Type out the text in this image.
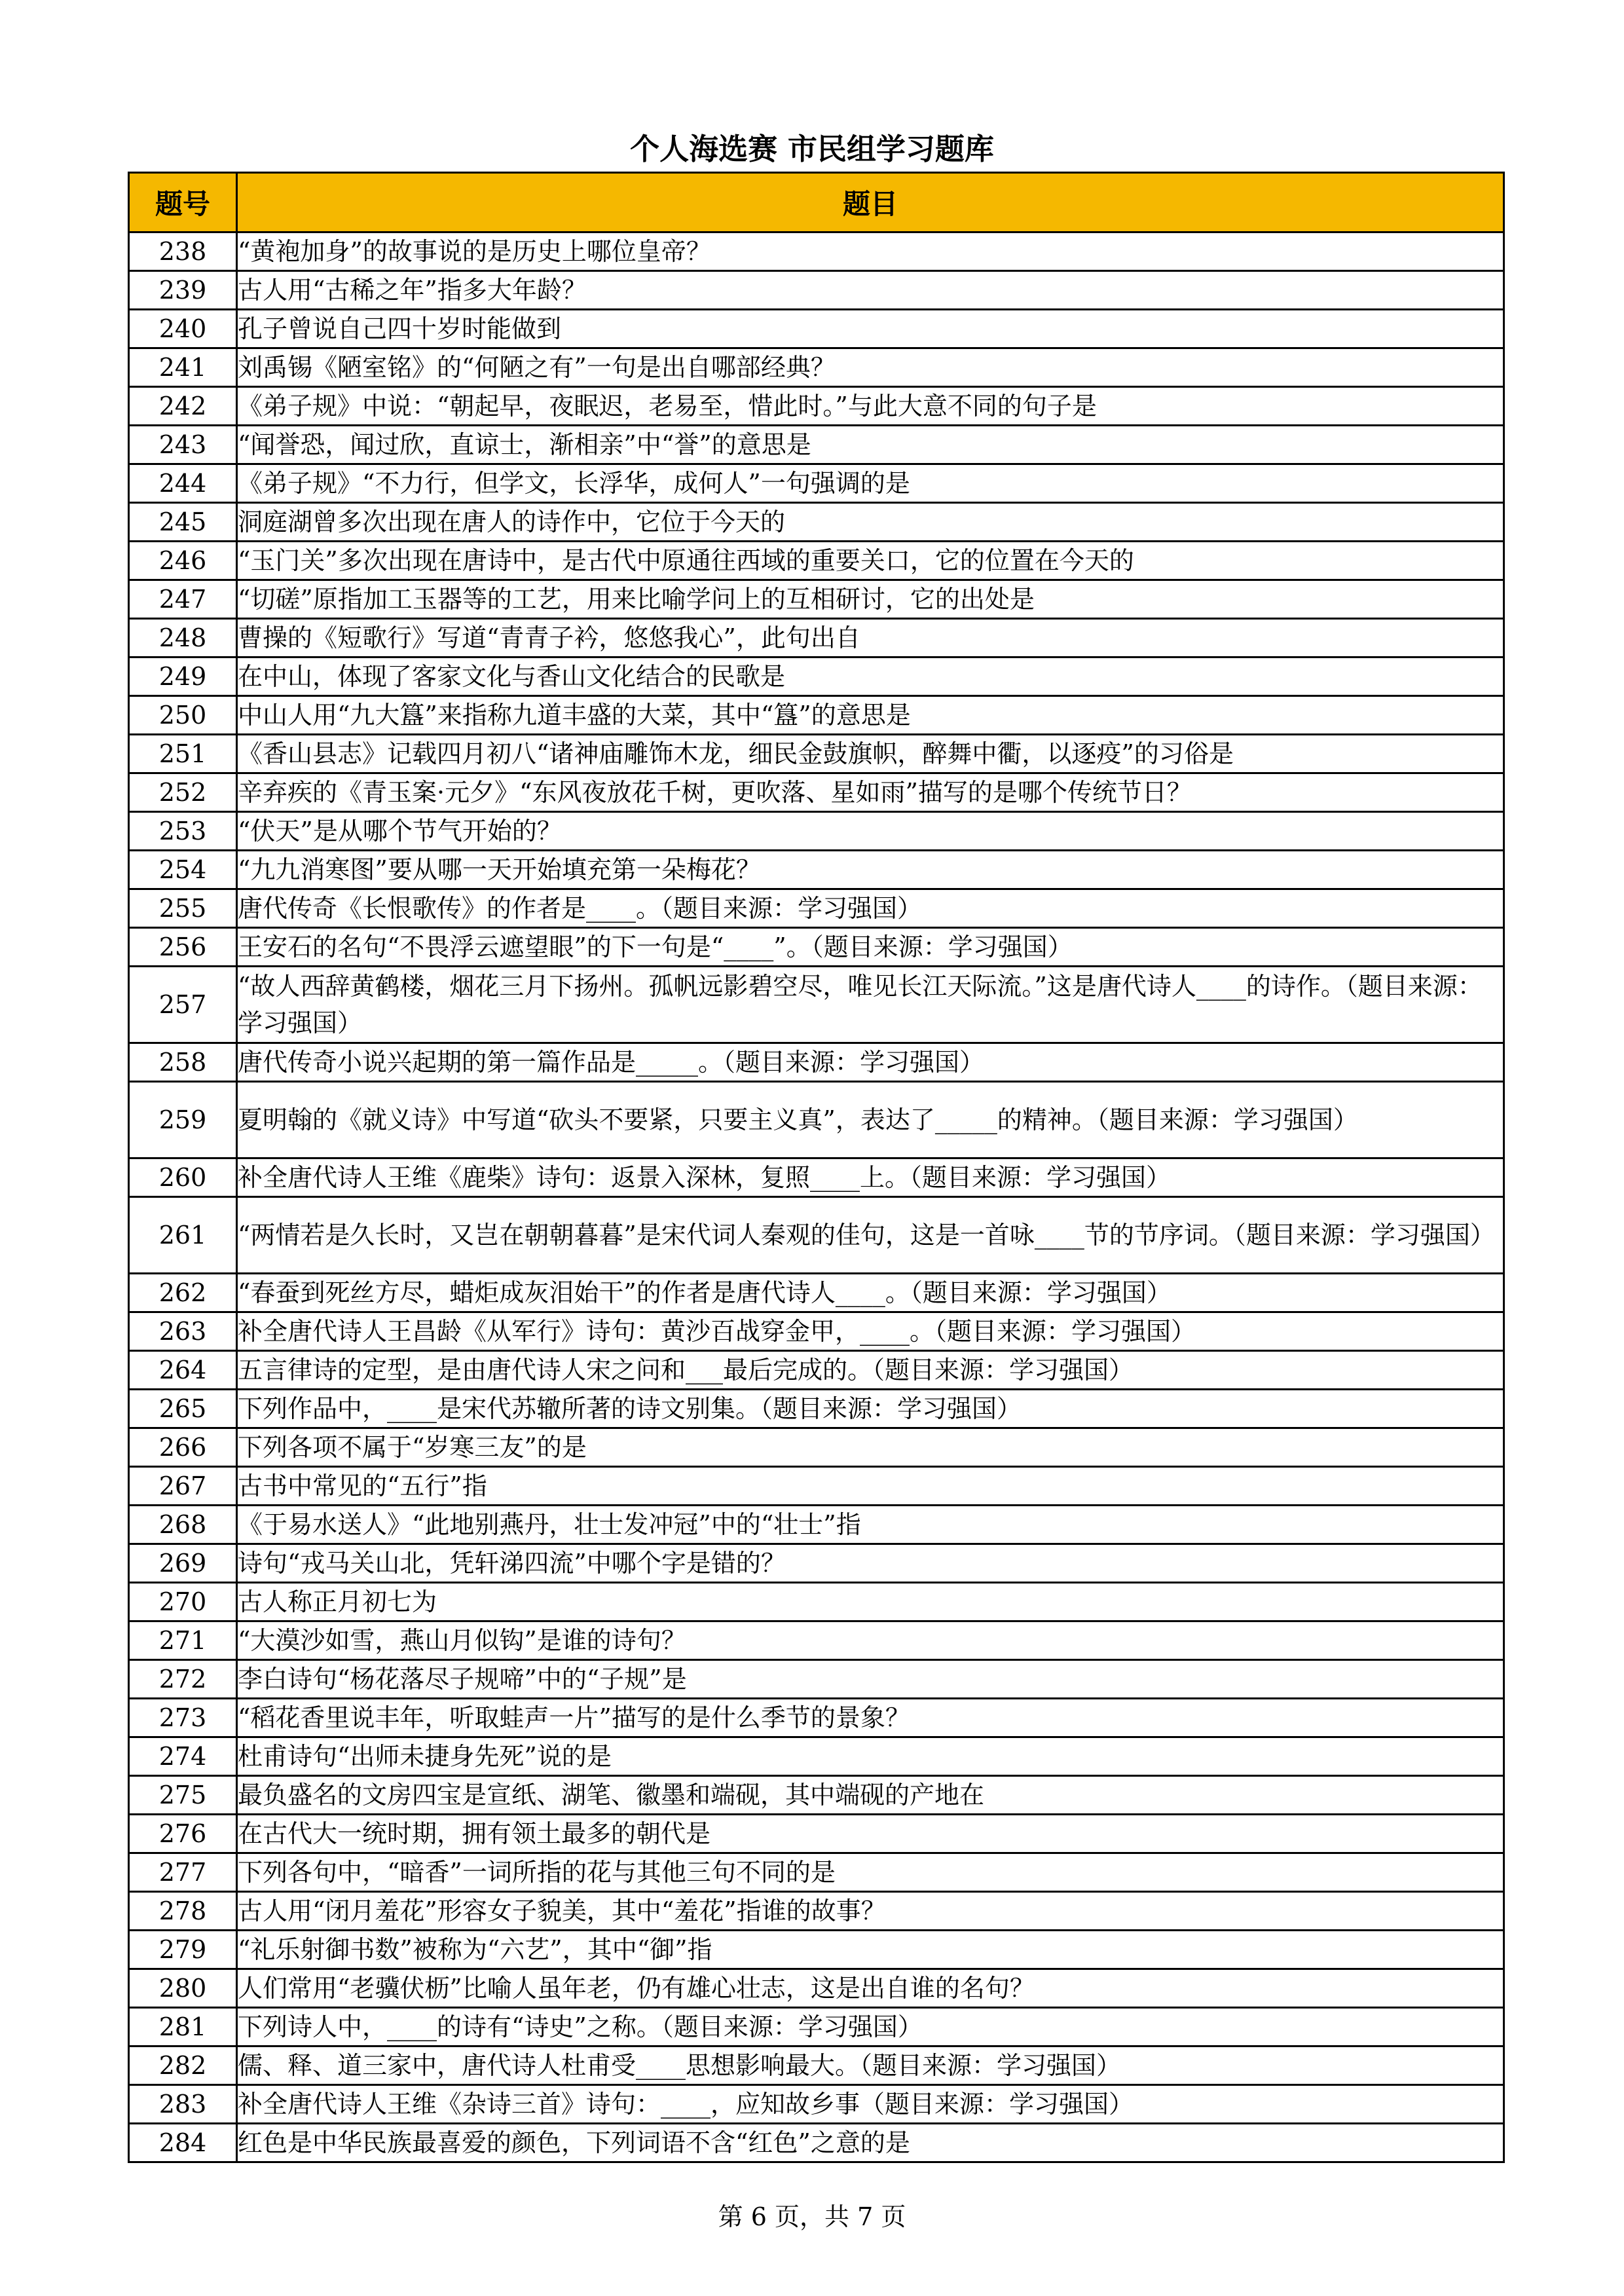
个人海选赛 市民组学习题库
题号	题目
238	“黄袍加身”的故事说的是历史上哪位皇帝？
239	古人用“古稀之年”指多大年龄？
240	孔子曾说自己四十岁时能做到
241	刘禹锡《陋室铭》的“何陋之有”一句是出自哪部经典？
242	《弟子规》中说：“朝起早，夜眠迟，老易至，惜此时。”与此大意不同的句子是
243	“闻誉恐，闻过欣，直谅士，渐相亲”中“誉”的意思是
244	《弟子规》“不力行，但学文，长浮华，成何人”一句强调的是
245	洞庭湖曾多次出现在唐人的诗作中，它位于今天的
246	“玉门关”多次出现在唐诗中，是古代中原通往西域的重要关口，它的位置在今天的
247	“切磋”原指加工玉器等的工艺，用来比喻学问上的互相研讨，它的出处是
248	曹操的《短歌行》写道“青青子衿，悠悠我心”，此句出自
249	在中山，体现了客家文化与香山文化结合的民歌是
250	中山人用“九大簋”来指称九道丰盛的大菜，其中“簋”的意思是
251	《香山县志》记载四月初八“诸神庙雕饰木龙，细民金鼓旗帜，醉舞中衢，以逐疫”的习俗是
252	辛弃疾的《青玉案·元夕》“东风夜放花千树，更吹落、星如雨”描写的是哪个传统节日？
253	“伏天”是从哪个节气开始的？
254	“九九消寒图”要从哪一天开始填充第一朵梅花？
255	唐代传奇《长恨歌传》的作者是____。（题目来源：学习强国）
256	王安石的名句“不畏浮云遮望眼”的下一句是“____”。（题目来源：学习强国）
257	“故人西辞黄鹤楼，烟花三月下扬州。孤帆远影碧空尽，唯见长江天际流。”这是唐代诗人____的诗作。（题目来源：学习强国）
258	唐代传奇小说兴起期的第一篇作品是_____。（题目来源：学习强国）
259	夏明翰的《就义诗》中写道“砍头不要紧，只要主义真”，表达了_____的精神。（题目来源：学习强国）
260	补全唐代诗人王维《鹿柴》诗句：返景入深林，复照____上。（题目来源：学习强国）
261	“两情若是久长时，又岂在朝朝暮暮”是宋代词人秦观的佳句，这是一首咏____节的节序词。（题目来源：学习强国）
262	“春蚕到死丝方尽，蜡炬成灰泪始干”的作者是唐代诗人____。（题目来源：学习强国）
263	补全唐代诗人王昌龄《从军行》诗句：黄沙百战穿金甲，____。（题目来源：学习强国）
264	五言律诗的定型，是由唐代诗人宋之问和___最后完成的。（题目来源：学习强国）
265	下列作品中，____是宋代苏辙所著的诗文别集。（题目来源：学习强国）
266	下列各项不属于“岁寒三友”的是
267	古书中常见的“五行”指
268	《于易水送人》“此地别燕丹，壮士发冲冠”中的“壮士”指
269	诗句“戎马关山北，凭轩涕四流”中哪个字是错的？
270	古人称正月初七为
271	“大漠沙如雪，燕山月似钩”是谁的诗句？
272	李白诗句“杨花落尽子规啼”中的“子规”是
273	“稻花香里说丰年，听取蛙声一片”描写的是什么季节的景象？
274	杜甫诗句“出师未捷身先死”说的是
275	最负盛名的文房四宝是宣纸、湖笔、徽墨和端砚，其中端砚的产地在
276	在古代大一统时期，拥有领土最多的朝代是
277	下列各句中，“暗香”一词所指的花与其他三句不同的是
278	古人用“闭月羞花”形容女子貌美，其中“羞花”指谁的故事？
279	“礼乐射御书数”被称为“六艺”，其中“御”指
280	人们常用“老骥伏枥”比喻人虽年老，仍有雄心壮志，这是出自谁的名句？
281	下列诗人中，____的诗有“诗史”之称。（题目来源：学习强国）
282	儒、释、道三家中，唐代诗人杜甫受____思想影响最大。（题目来源：学习强国）
283	补全唐代诗人王维《杂诗三首》诗句：____，应知故乡事（题目来源：学习强国）
284	红色是中华民族最喜爱的颜色，下列词语不含“红色”之意的是
第 6 页，共 7 页
